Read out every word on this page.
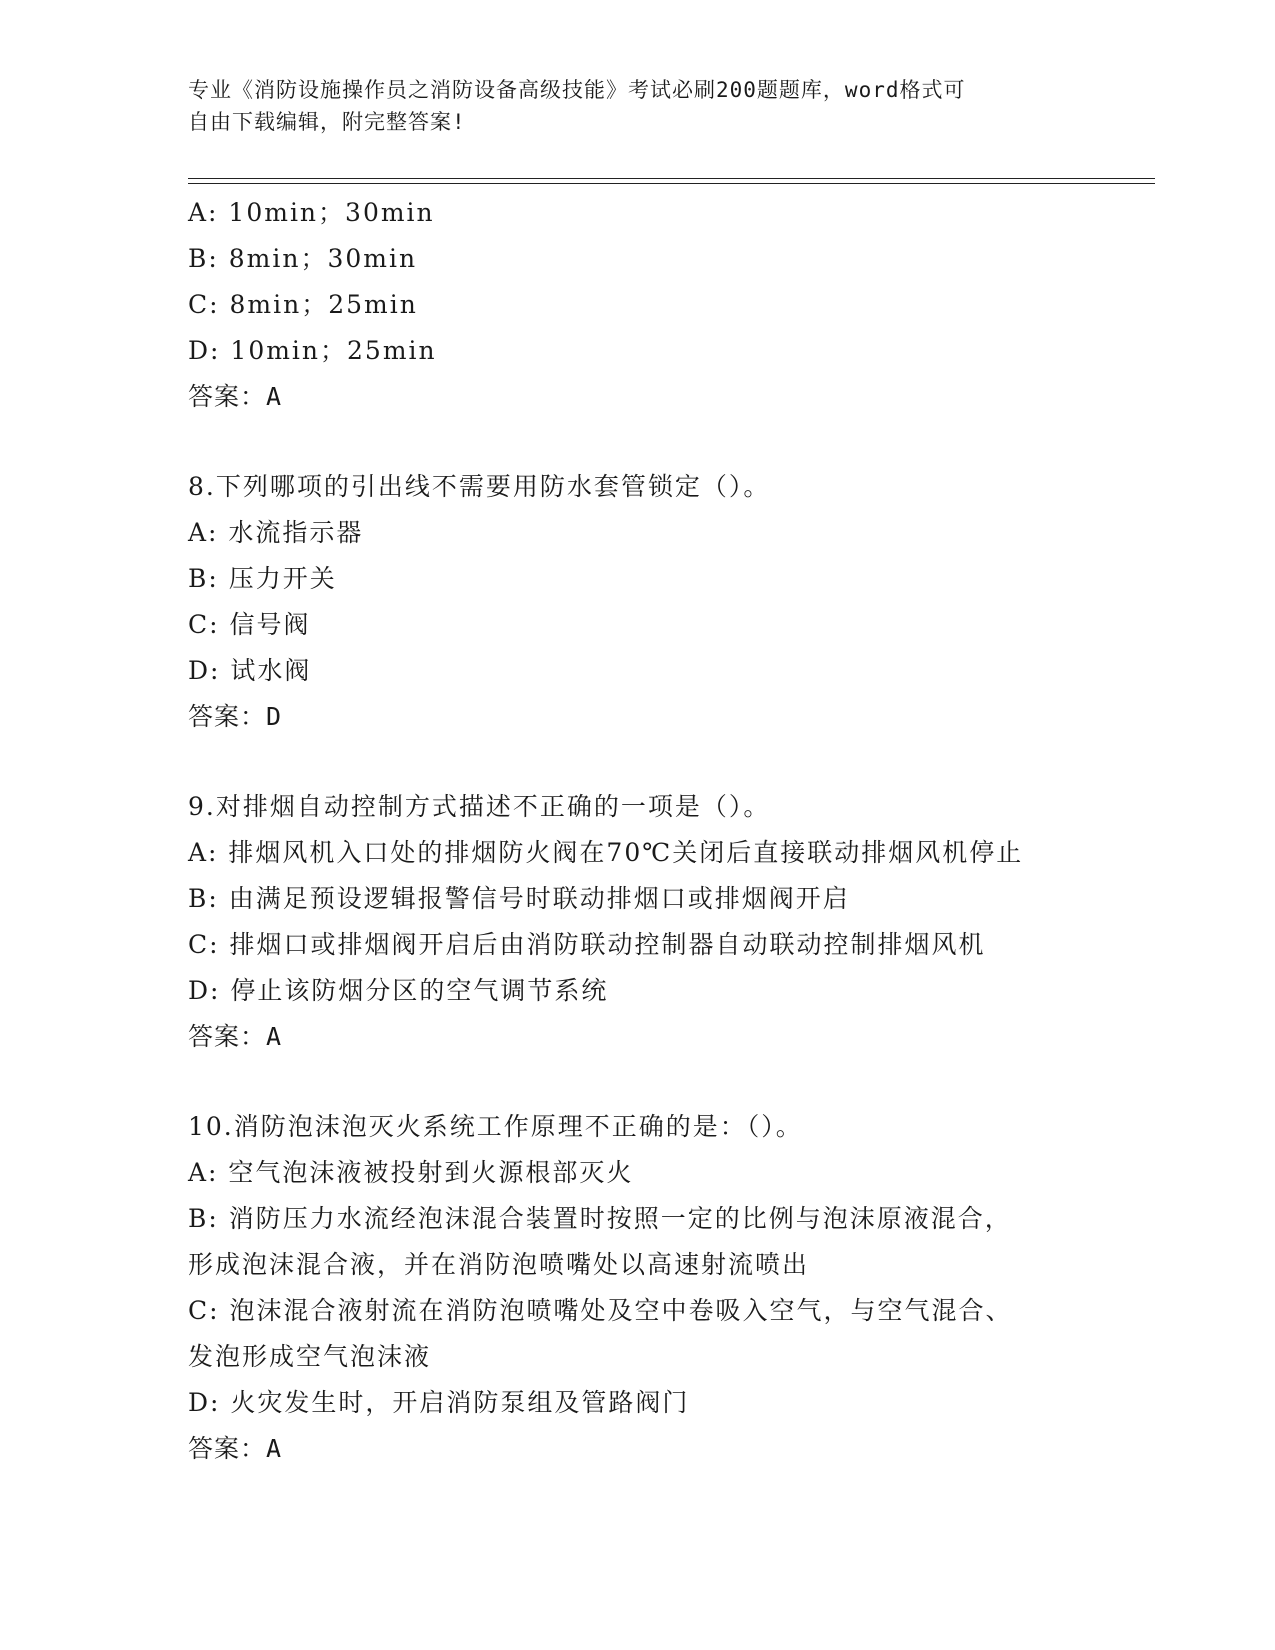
专业《消防设施操作员之消防设备高级技能》考试必刷200题题库，word格式可
自由下载编辑，附完整答案!
A: 10min；30min
B: 8min；30min
C: 8min；25min
D: 10min；25min
答案：A
8.下列哪项的引出线不需要用防水套管锁定（）。
A: 水流指示器
B: 压力开关
C: 信号阀
D: 试水阀
答案：D
9.对排烟自动控制方式描述不正确的一项是（）。
A: 排烟风机入口处的排烟防火阀在70℃关闭后直接联动排烟风机停止
B: 由满足预设逻辑报警信号时联动排烟口或排烟阀开启
C: 排烟口或排烟阀开启后由消防联动控制器自动联动控制排烟风机
D: 停止该防烟分区的空气调节系统
答案：A
10.消防泡沫泡灭火系统工作原理不正确的是：（）。
A: 空气泡沫液被投射到火源根部灭火
B: 消防压力水流经泡沫混合装置时按照一定的比例与泡沫原液混合，
形成泡沫混合液，并在消防泡喷嘴处以高速射流喷出
C: 泡沫混合液射流在消防泡喷嘴处及空中卷吸入空气，与空气混合、
发泡形成空气泡沫液
D: 火灾发生时，开启消防泵组及管路阀门
答案：A
